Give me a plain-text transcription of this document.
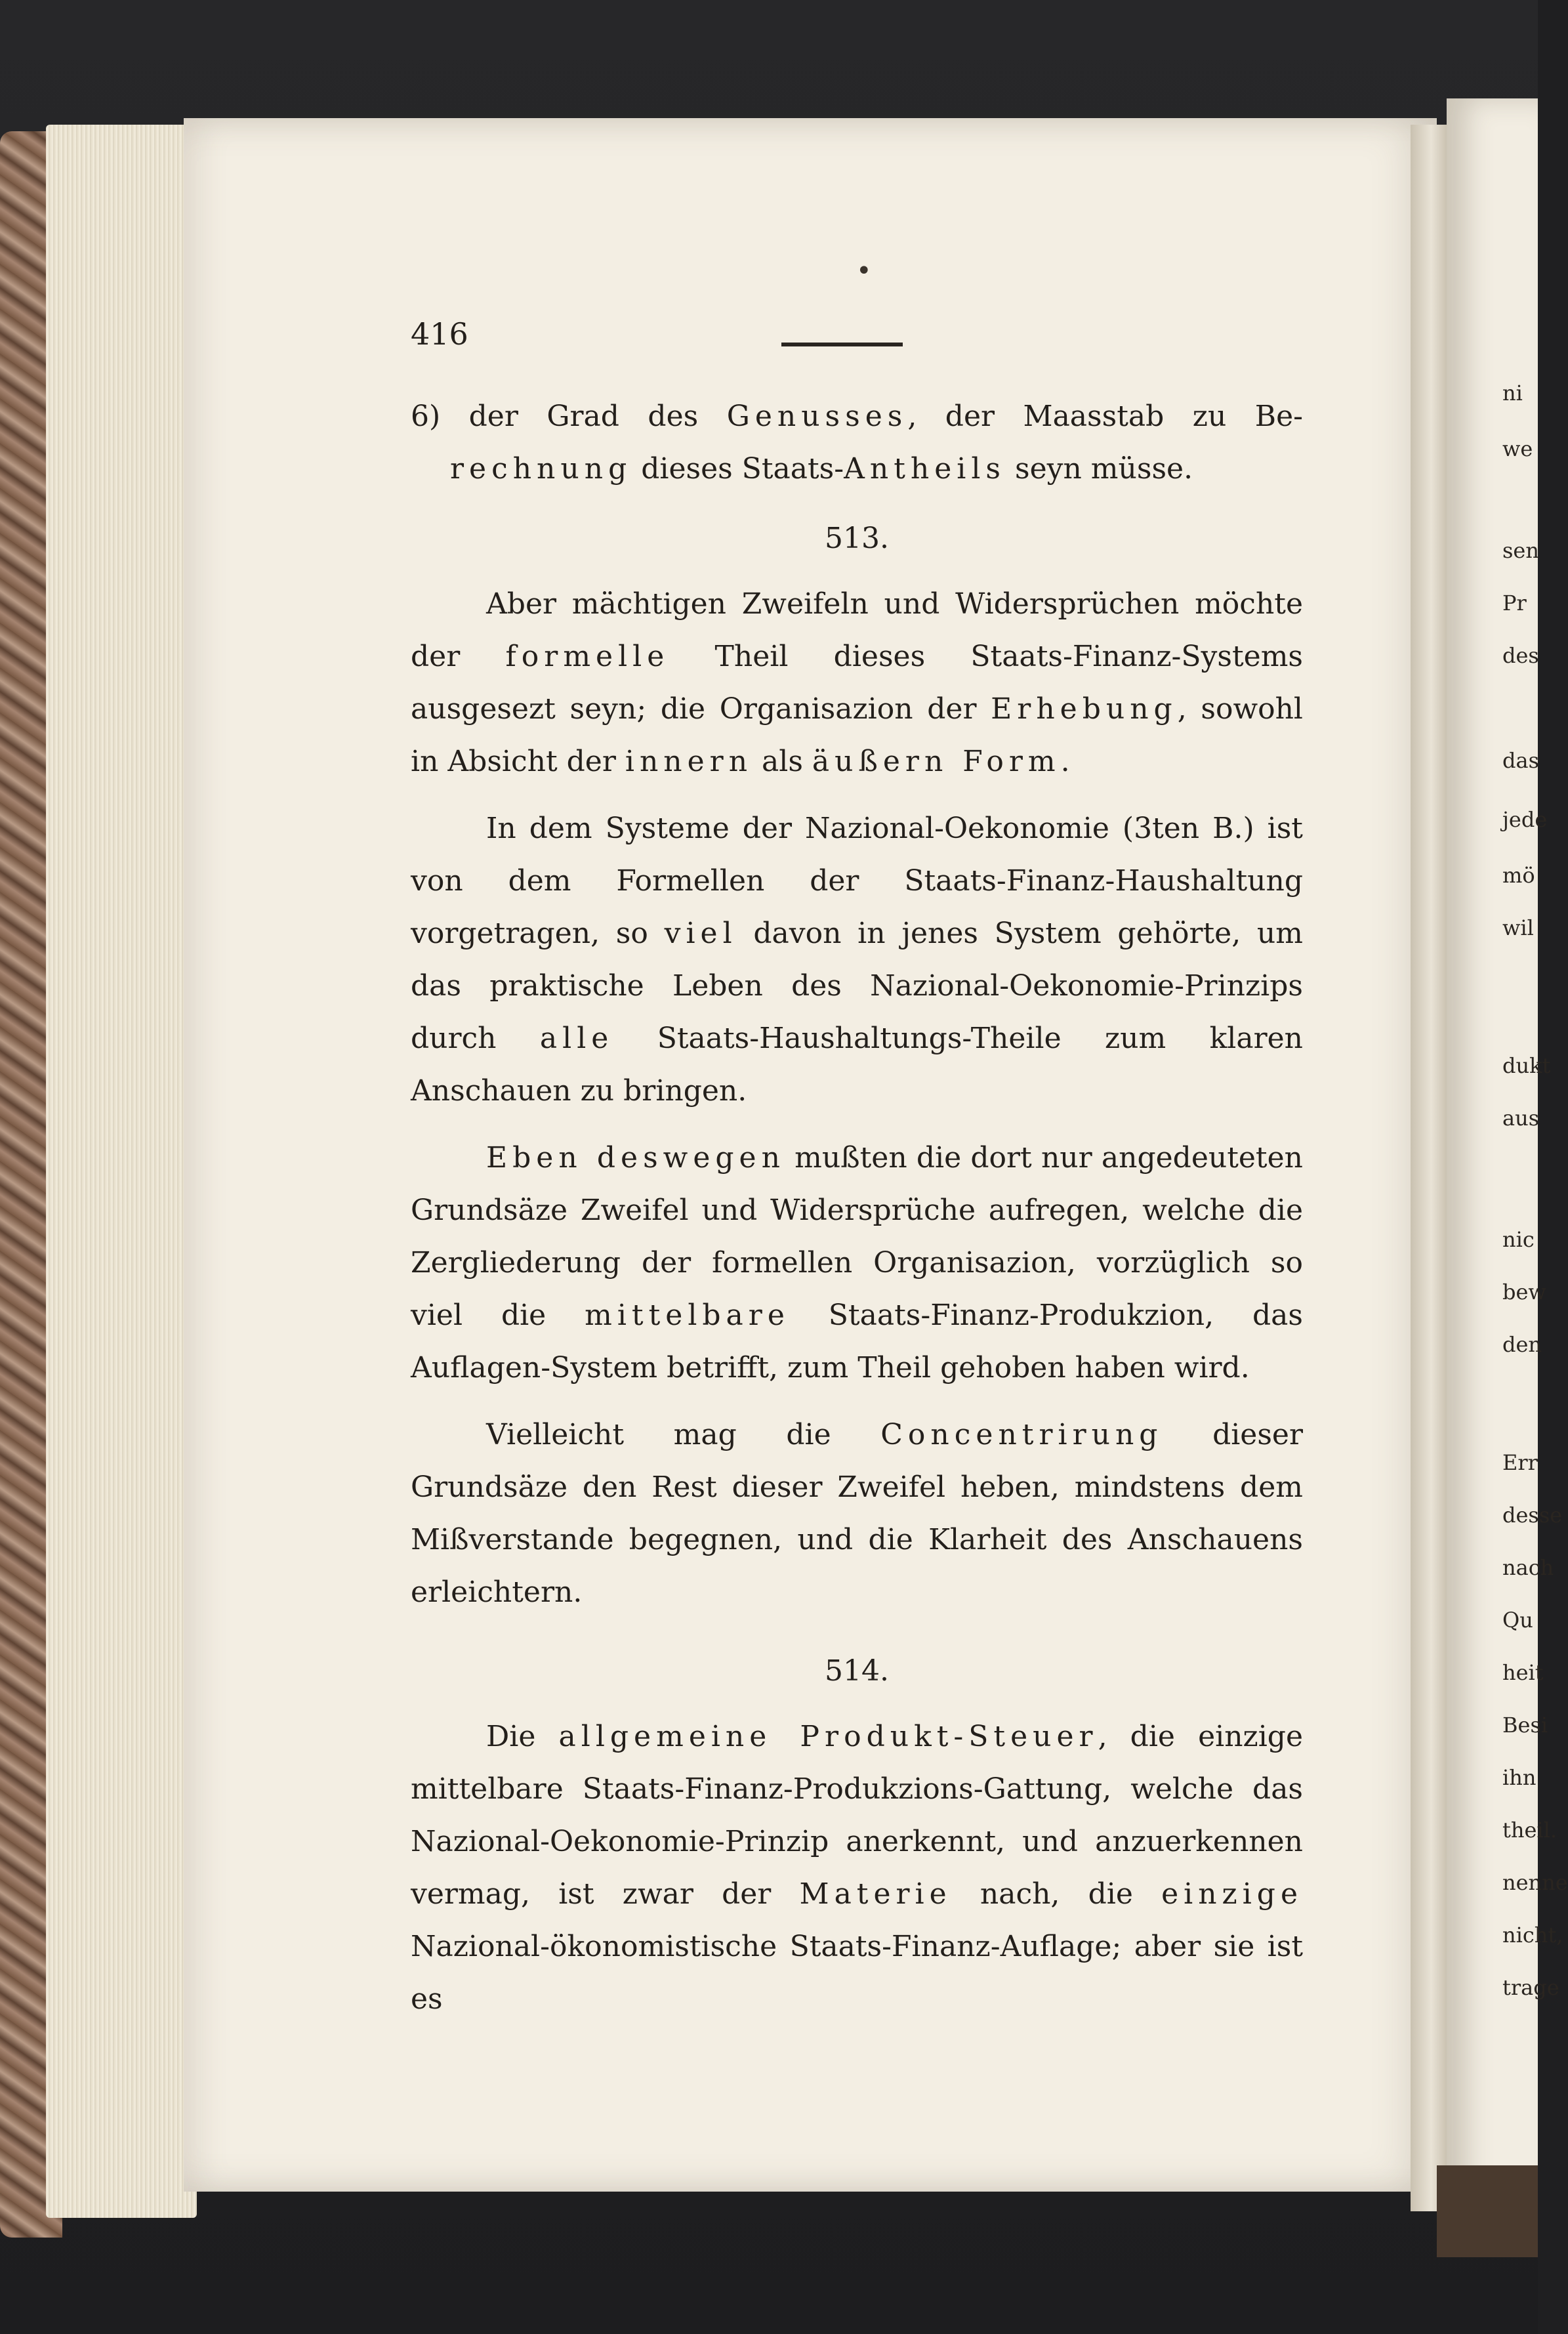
•
416

6) der Grad des Genusses, der Maasstab zu Be-rechnung dieses Staats-Antheils seyn müsse.

513.

Aber mächtigen Zweifeln und Widersprüchen möchte der formelle Theil dieses Staats-Finanz-Systems ausgesezt seyn; die Organisazion der Erhebung, sowohl in Absicht der innern als äußern Form.

In dem Systeme der Nazional-Oekonomie (3ten B.) ist von dem Formellen der Staats-Finanz-Haushaltung vorgetragen, so viel davon in jenes System gehörte, um das praktische Leben des Nazional-Oekonomie-Prinzips durch alle Staats-Haushaltungs-Theile zum klaren Anschauen zu bringen.

Eben deswegen mußten die dort nur angedeuteten Grundsäze Zweifel und Widersprüche aufregen, welche die Zergliederung der formellen Organisazion, vorzüglich so viel die mittelbare Staats-Finanz-Produkzion, das Auflagen-System betrifft, zum Theil gehoben haben wird.

Vielleicht mag die Concentrirung dieser Grundsäze den Rest dieser Zweifel heben, mindstens dem Mißverstande begegnen, und die Klarheit des Anschauens erleichtern.

514.

Die allgemeine Produkt-Steuer, die einzige mittelbare Staats-Finanz-Produkzions-Gattung, welche das Nazional-Oekonomie-Prinzip anerkennt, und anzuerkennen vermag, ist zwar der Materie nach, die einzige Nazional-ökonomistische Staats-Finanz-Auflage; aber sie ist es

ni
we
sen
Pr
des
das
jede
mö
wil
dukt
aus
nic
bew
den
Err
desse
nach
Qu
heit
Besi
ihn
theil.
nenne
nicht,
trage
